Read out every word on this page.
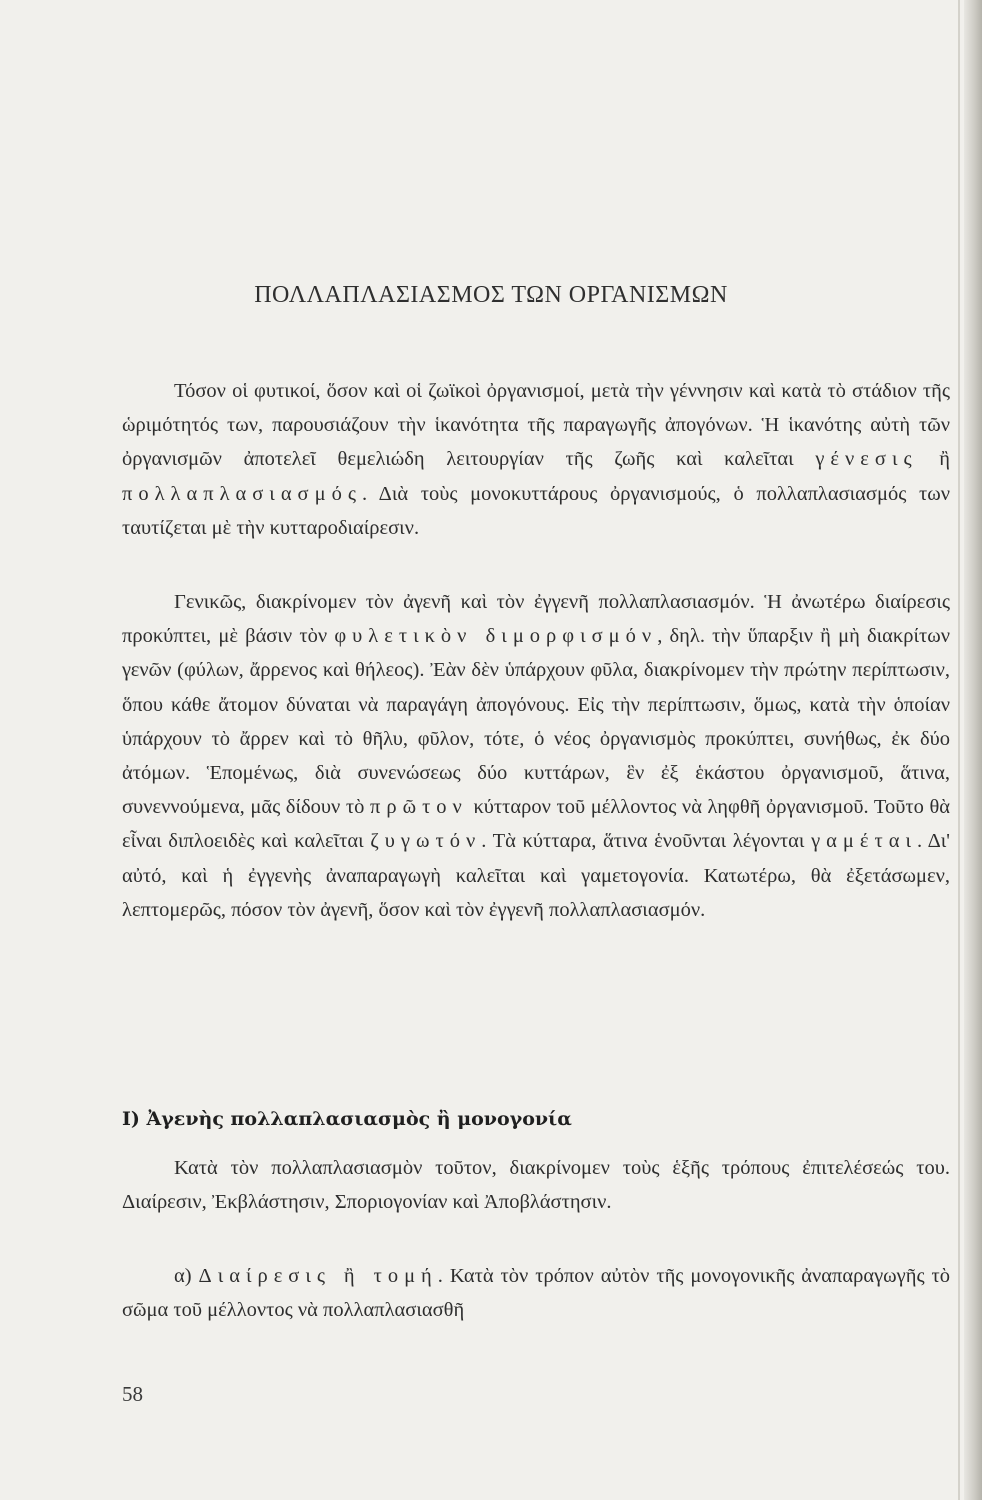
ΠΟΛΛΑΠΛΑΣΙΑΣΜΟΣ ΤΩΝ ΟΡΓΑΝΙΣΜΩΝ

Τόσον οἱ φυτικοί, ὅσον καὶ οἱ ζωϊκοὶ ὀργανισμοί, μετὰ τὴν γέννησιν καὶ κατὰ τὸ στάδιον τῆς ὡριμότητός των, παρουσιάζουν τὴν ἱκανότητα τῆς παραγωγῆς ἀπογόνων. Ἡ ἱκανότης αὐτὴ τῶν ὀργανισμῶν ἀποτελεῖ θεμελιώδη λειτουργίαν τῆς ζωῆς καὶ καλεῖται γένεσις ἢ πολλαπλασιασμός. Διὰ τοὺς μονοκυττάρους ὀργανισμούς, ὁ πολλαπλασιασμός των ταυτίζεται μὲ τὴν κυτταροδιαίρεσιν.

Γενικῶς, διακρίνομεν τὸν ἀγενῆ καὶ τὸν ἐγγενῆ πολλαπλασιασμόν. Ἡ ἀνωτέρω διαίρεσις προκύπτει, μὲ βάσιν τὸν φυλετικὸν διμορφισμόν, δηλ. τὴν ὕπαρξιν ἢ μὴ διακρίτων γενῶν (φύλων, ἄρρενος καὶ θήλεος). Ἐὰν δὲν ὑπάρχουν φῦλα, διακρίνομεν τὴν πρώτην περίπτωσιν, ὅπου κάθε ἄτομον δύναται νὰ παραγάγη ἀπογόνους. Εἰς τὴν περίπτωσιν, ὅμως, κατὰ τὴν ὁποίαν ὑπάρχουν τὸ ἄρρεν καὶ τὸ θῆλυ, φῦλον, τότε, ὁ νέος ὀργανισμὸς προκύπτει, συνήθως, ἐκ δύο ἀτόμων. Ἑπομένως, διὰ συνενώσεως δύο κυττάρων, ἓν ἐξ ἑκάστου ὀργανισμοῦ, ἅτινα, συνεννούμενα, μᾶς δίδουν τὸ πρῶτον κύτταρον τοῦ μέλλοντος νὰ ληφθῆ ὀργανισμοῦ. Τοῦτο θὰ εἶναι διπλοειδὲς καὶ καλεῖται ζυγωτόν. Τὰ κύτταρα, ἅτινα ἑνοῦνται λέγονται γαμέται. Δι' αὐτό, καὶ ἡ ἐγγενὴς ἀναπαραγωγὴ καλεῖται καὶ γαμετογονία. Κατωτέρω, θὰ ἐξετάσωμεν, λεπτομερῶς, πόσον τὸν ἀγενῆ, ὅσον καὶ τὸν ἐγγενῆ πολλαπλασιασμόν.

I) Ἀγενὴς πολλαπλασιασμὸς ἢ μονογονία

Κατὰ τὸν πολλαπλασιασμὸν τοῦτον, διακρίνομεν τοὺς ἑξῆς τρόπους ἐπιτελέσεώς του. Διαίρεσιν, Ἐκβλάστησιν, Σποριογονίαν καὶ Ἀποβλάστησιν.

α) Διαίρεσις ἢ τομή. Κατὰ τὸν τρόπον αὐτὸν τῆς μονογονικῆς ἀναπαραγωγῆς τὸ σῶμα τοῦ μέλλοντος νὰ πολλαπλασιασθῆ

58
